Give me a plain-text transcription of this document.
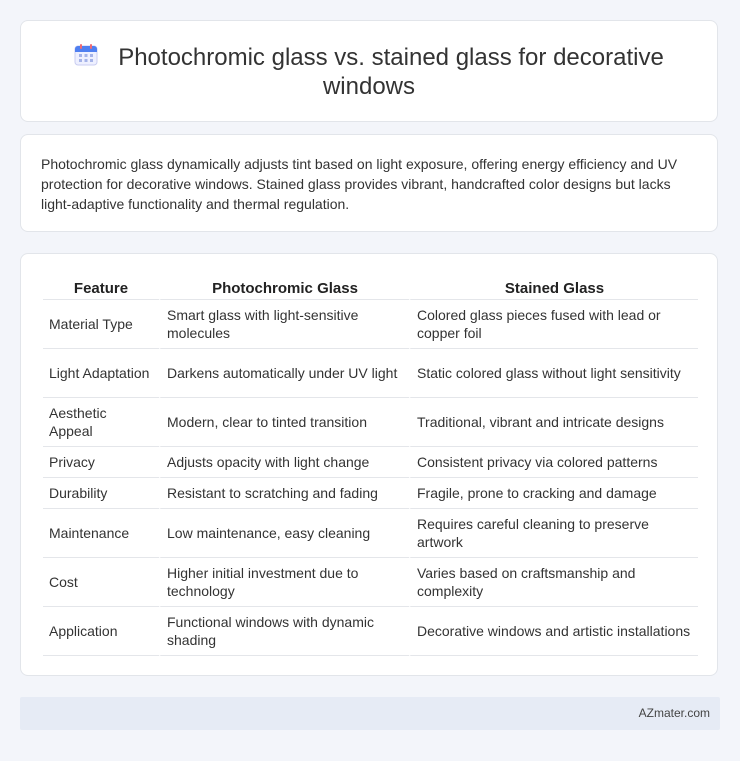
Photochromic glass vs. stained glass for decorative windows
Photochromic glass dynamically adjusts tint based on light exposure, offering energy efficiency and UV protection for decorative windows. Stained glass provides vibrant, handcrafted color designs but lacks light-adaptive functionality and thermal regulation.
Feature	Photochromic Glass	Stained Glass
Material Type	Smart glass with light-sensitive molecules	Colored glass pieces fused with lead or copper foil
Light Adaptation	Darkens automatically under UV light	Static colored glass without light sensitivity
Aesthetic Appeal	Modern, clear to tinted transition	Traditional, vibrant and intricate designs
Privacy	Adjusts opacity with light change	Consistent privacy via colored patterns
Durability	Resistant to scratching and fading	Fragile, prone to cracking and damage
Maintenance	Low maintenance, easy cleaning	Requires careful cleaning to preserve artwork
Cost	Higher initial investment due to technology	Varies based on craftsmanship and complexity
Application	Functional windows with dynamic shading	Decorative windows and artistic installations
AZmater.com
